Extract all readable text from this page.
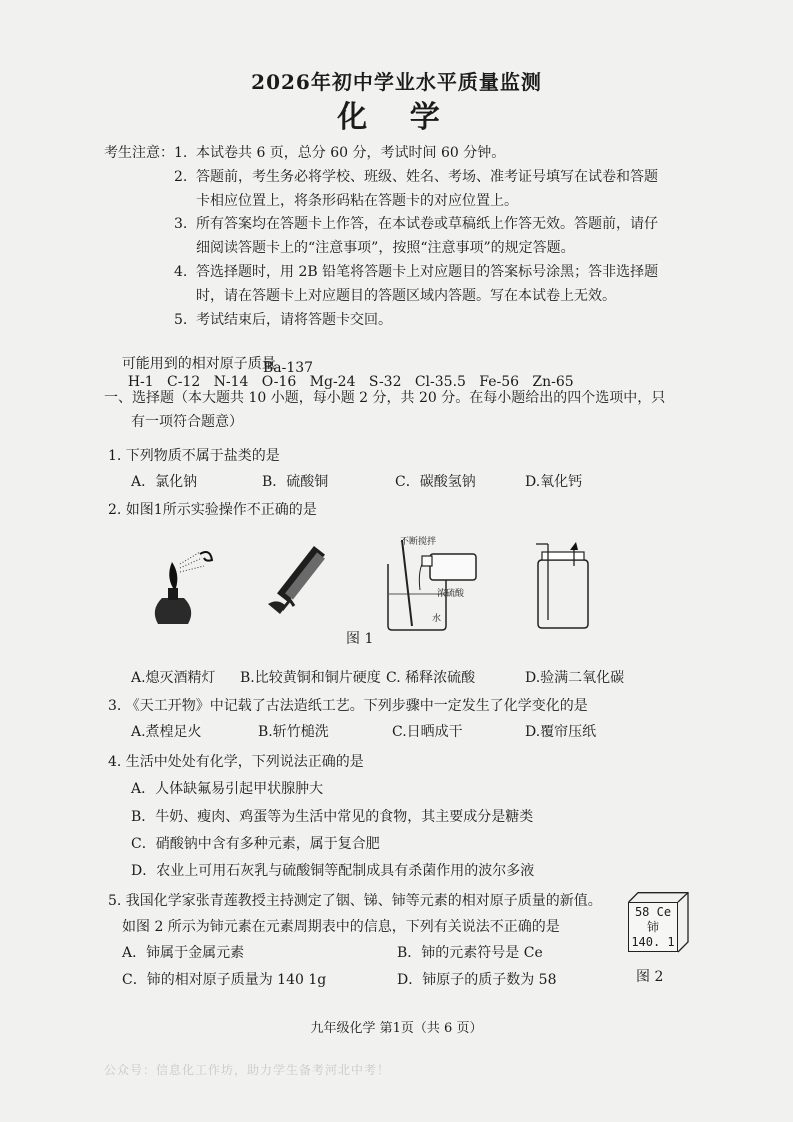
2026年初中学业水平质量监测
化 学
考生注意： 1. 本试卷共 6 页，总分 60 分，考试时间 60 分钟。
2. 答题前，考生务必将学校、班级、姓名、考场、准考证号填写在试卷和答题
卡相应位置上，将条形码粘在答题卡的对应位置上。
3. 所有答案均在答题卡上作答，在本试卷或草稿纸上作答无效。答题前，请仔
细阅读答题卡上的“注意事项”，按照“注意事项”的规定答题。
4. 答选择题时，用 2B 铅笔将答题卡上对应题目的答案标号涂黑；答非选择题
时，请在答题卡上对应题目的答题区域内答题。写在本试卷上无效。
5. 考试结束后，请将答题卡交回。

可能用到的相对原子质量
H-1   C-12   N-14   O-16   Mg-24   S-32   Cl-35.5   Fe-56   Zn-65

Ba-137
一、选择题（本大题共 10 小题，每小题 2 分，共 20 分。在每小题给出的四个选项中，只
有一项符合题意）
1. 下列物质不属于盐类的是
A．氯化钠	B．硫酸铜	C．碳酸氢钠	D.氧化钙
2. 如图1所示实验操作不正确的是
不断搅拌
浓硫酸
水
图 1
A.熄灭酒精灯 B.比较黄铜和铜片硬度 C. 稀释浓硫酸	D.验满二氧化碳
3. 《天工开物》中记载了古法造纸工艺。下列步骤中一定发生了化学变化的是
A.煮楻足火	B.斩竹槌洗	C.日晒成干	D.覆帘压纸
4. 生活中处处有化学，下列说法正确的是
A．人体缺氟易引起甲状腺肿大
B．牛奶、瘦肉、鸡蛋等为生活中常见的食物，其主要成分是糖类
C．硝酸钠中含有多种元素，属于复合肥
D．农业上可用石灰乳与硫酸铜等配制成具有杀菌作用的波尔多液
5. 我国化学家张青莲教授主持测定了铟、锑、铈等元素的相对原子质量的新值。
如图 2 所示为铈元素在元素周期表中的信息，下列有关说法不正确的是
A．铈属于金属元素	B．铈的元素符号是 Ce
C．铈的相对原子质量为 140 1g	D．铈原子的质子数为 58
58 Ce
铈
140. 1
图 2
九年级化学 第1页（共 6 页）
公众号：信息化工作坊，助力学生备考河北中考！
